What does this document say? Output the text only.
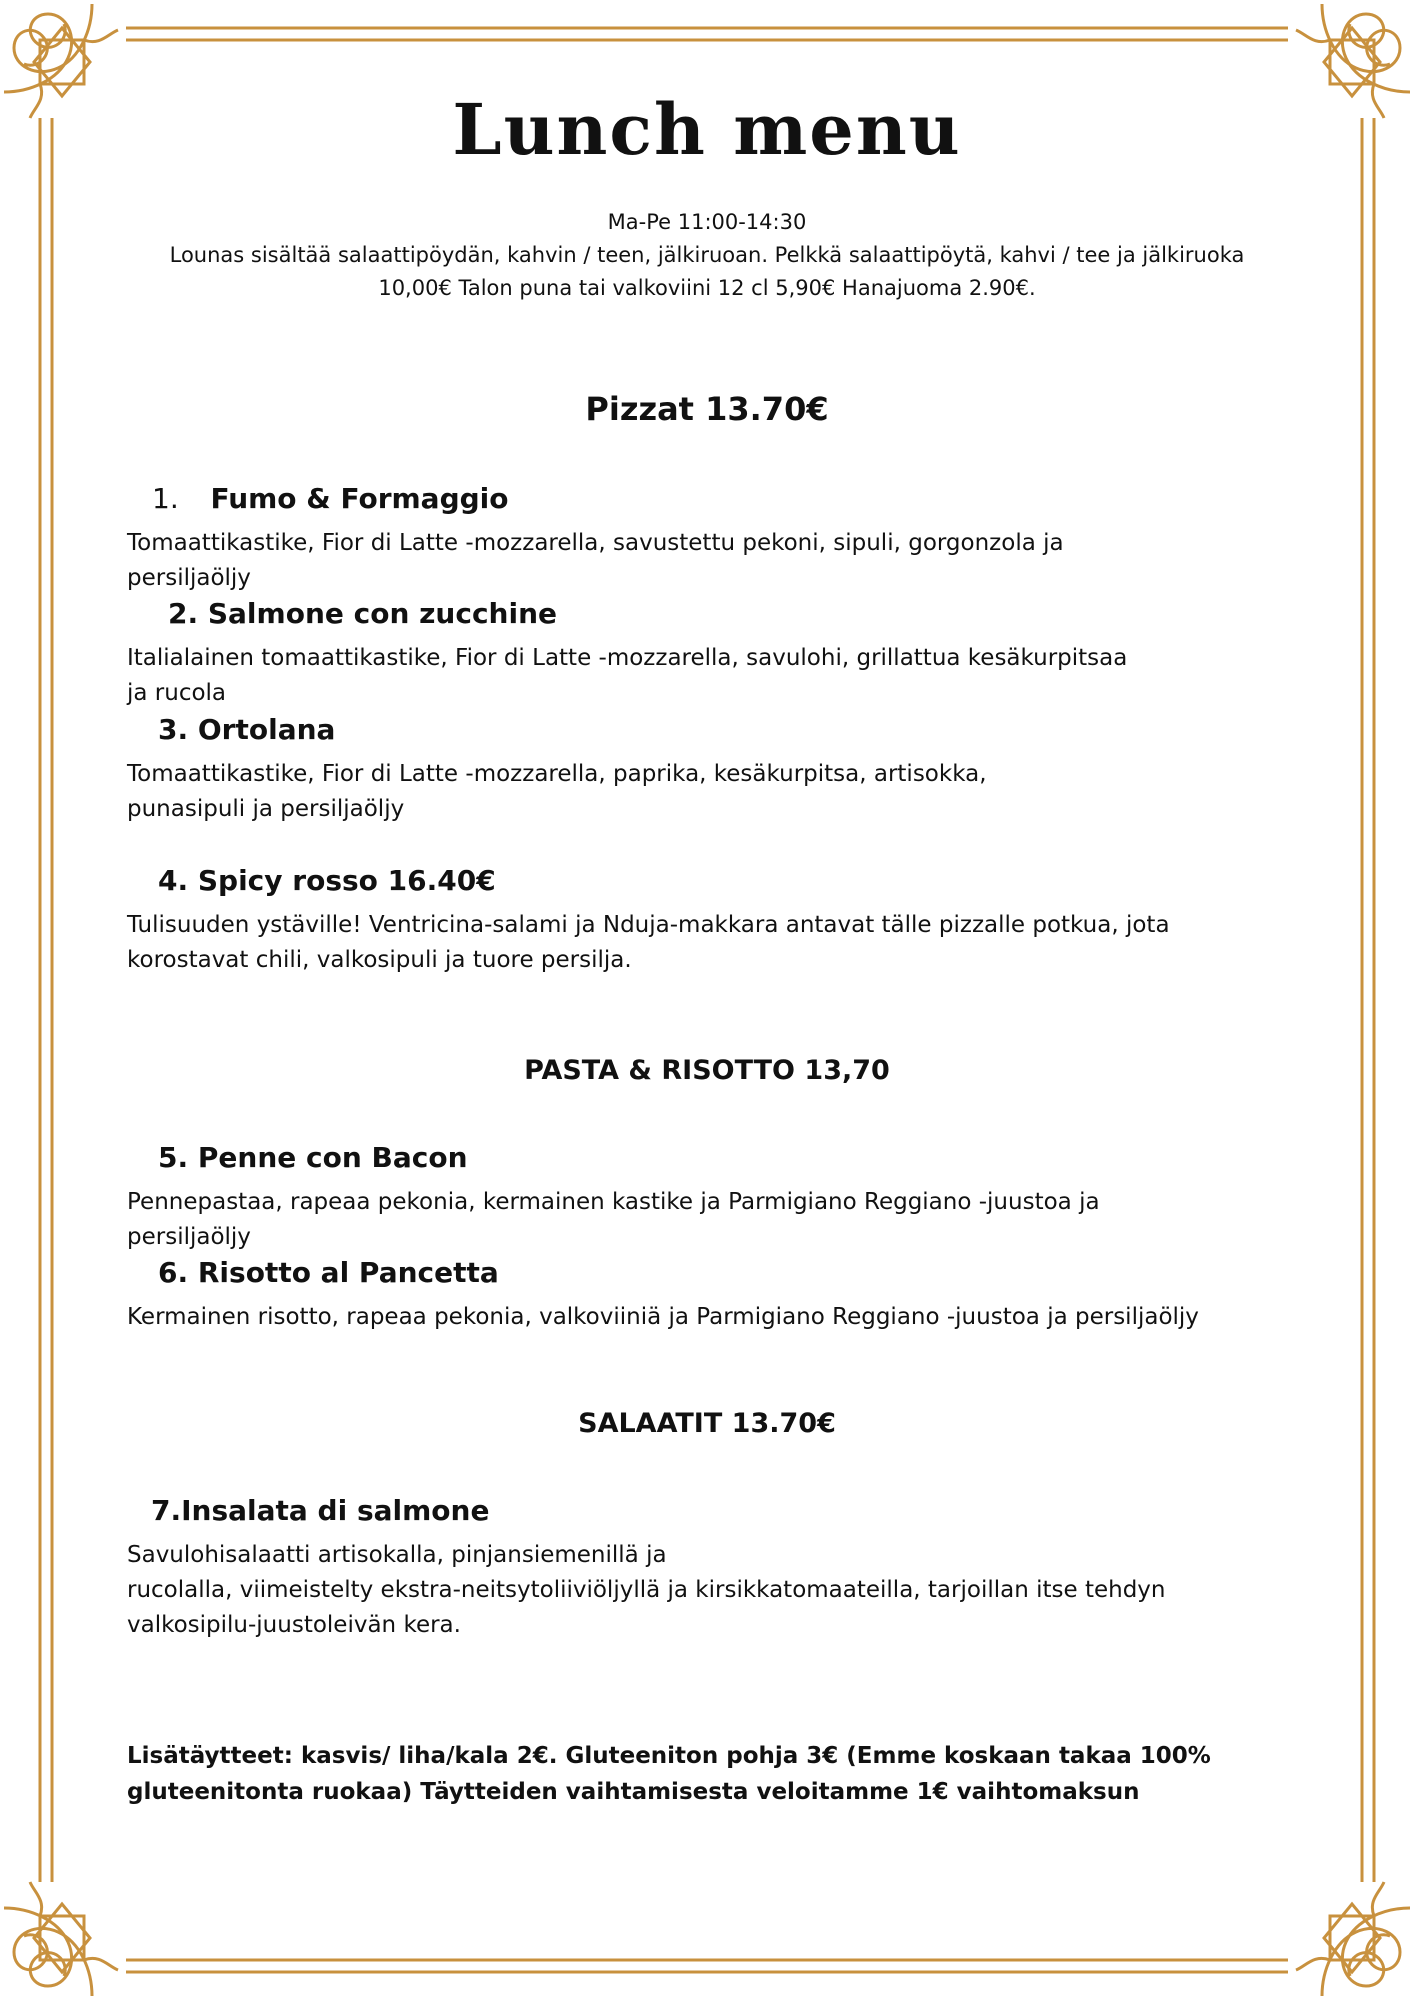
Lunch menu
Ma-Pe 11:00-14:30
Lounas sisältää salaattipöydän, kahvin / teen, jälkiruoan. Pelkkä salaattipöytä, kahvi / tee ja jälkiruoka 10,00€ Talon puna tai valkoviini 12 cl 5,90€ Hanajuoma 2.90€.
Pizzat 13.70€
1. Fumo & Formaggio
Tomaattikastike, Fior di Latte -mozzarella, savustettu pekoni, sipuli, gorgonzola ja
persiljaöljy
2. Salmone con zucchine
Italialainen tomaattikastike, Fior di Latte -mozzarella, savulohi, grillattua kesäkurpitsaa
ja rucola
3. Ortolana
Tomaattikastike, Fior di Latte -mozzarella, paprika, kesäkurpitsa, artisokka,
punasipuli ja persiljaöljy
4. Spicy rosso 16.40€
Tulisuuden ystäville! Ventricina-salami ja Nduja-makkara antavat tälle pizzalle potkua, jota
korostavat chili, valkosipuli ja tuore persilja.
PASTA & RISOTTO 13,70
5. Penne con Bacon
Pennepastaa, rapeaa pekonia, kermainen kastike ja Parmigiano Reggiano -juustoa ja
persiljaöljy
6. Risotto al Pancetta
Kermainen risotto, rapeaa pekonia, valkoviiniä ja Parmigiano Reggiano -juustoa ja persiljaöljy
SALAATIT 13.70€
7.Insalata di salmone
Savulohisalaatti artisokalla, pinjansiemenillä ja
rucolalla, viimeistelty ekstra-neitsytoliiviöljyllä ja kirsikkatomaateilla, tarjoillan itse tehdyn
valkosipilu-juustoleivän kera.
Lisätäytteet: kasvis/ liha/kala 2€. Gluteeniton pohja 3€ (Emme koskaan takaa 100%
gluteenitonta ruokaa) Täytteiden vaihtamisesta veloitamme 1€ vaihtomaksun
